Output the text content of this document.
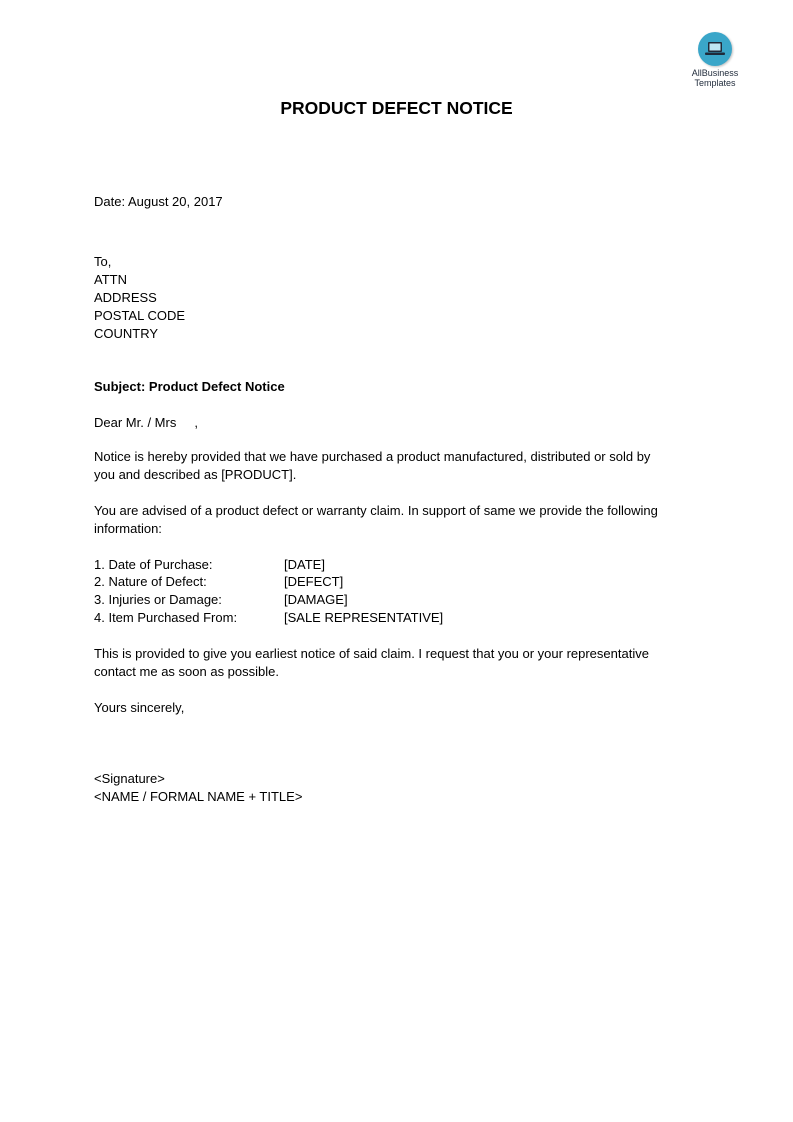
AllBusiness
Templates
PRODUCT DEFECT NOTICE
Date: August 20, 2017
To,
ATTN
ADDRESS
POSTAL CODE
COUNTRY
Subject: Product Defect Notice
Dear Mr. / Mrs     ,
Notice is hereby provided that we have purchased a product manufactured, distributed or sold by
you and described as [PRODUCT].
You are advised of a product defect or warranty claim. In support of same we provide the following
information:
1. Date of Purchase:	[DATE]
2. Nature of Defect:	[DEFECT]
3. Injuries or Damage:	[DAMAGE]
4. Item Purchased From:	[SALE REPRESENTATIVE]
This is provided to give you earliest notice of said claim. I request that you or your representative
contact me as soon as possible.
Yours sincerely,
<Signature>
<NAME / FORMAL NAME + TITLE>
